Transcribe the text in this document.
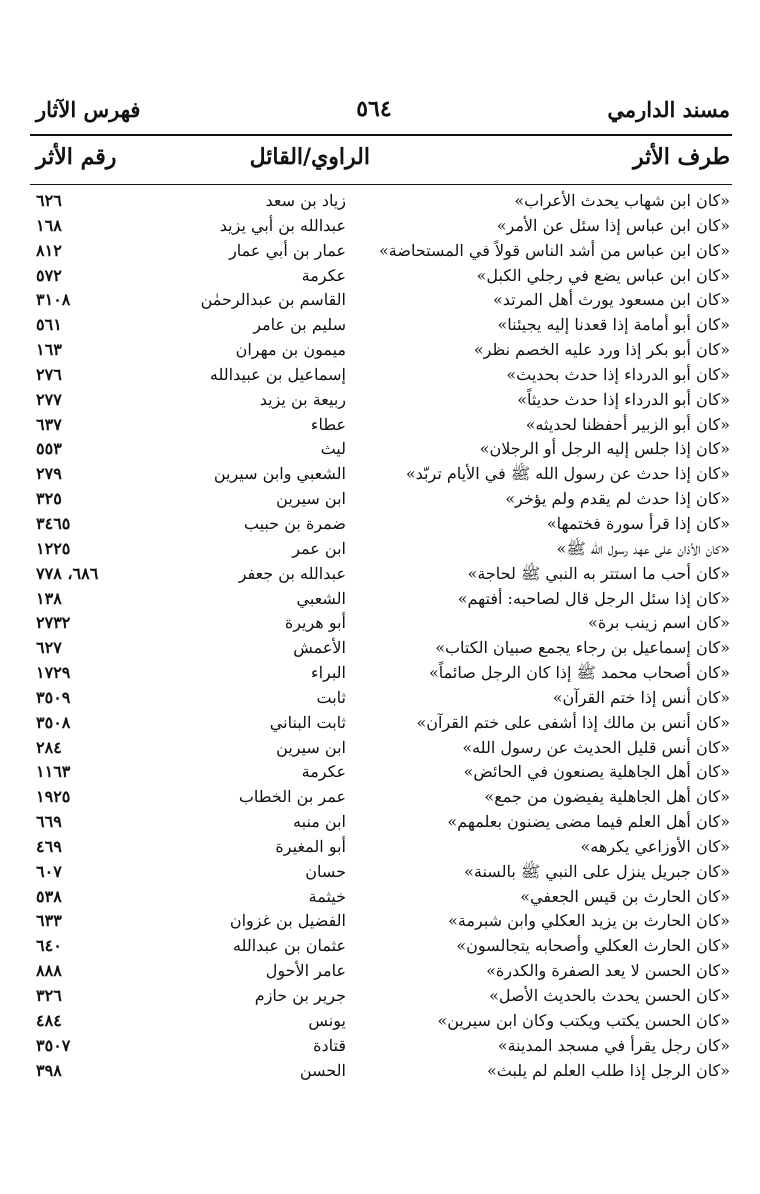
مسند الدارمي
٥٦٤
فهرس الآثار
طرف الأثر
الراوي/القائل
رقم الأثر
«كان ابن شهاب يحدث الأعراب»
زياد بن سعد
٦٢٦
«كان ابن عباس إذا سئل عن الأمر»
عبدالله بن أبي يزيد
١٦٨
«كان ابن عباس من أشد الناس قولاً في المستحاضة»
عمار بن أبي عمار
٨١٢
«كان ابن عباس يضع في رجلي الكبل»
عكرمة
٥٧٢
«كان ابن مسعود يورث أهل المرتد»
القاسم بن عبدالرحمٰن
٣١٠٨
«كان أبو أمامة إذا قعدنا إليه يجيئنا»
سليم بن عامر
٥٦١
«كان أبو بكر إذا ورد عليه الخصم نظر»
ميمون بن مهران
١٦٣
«كان أبو الدرداء إذا حدث بحديث»
إسماعيل بن عبيدالله
٢٧٦
«كان أبو الدرداء إذا حدث حديثاً»
ربيعة بن يزيد
٢٧٧
«كان أبو الزبير أحفظنا لحديثه»
عطاء
٦٣٧
«كان إذا جلس إليه الرجل أو الرجلان»
ليث
٥٥٣
«كان إذا حدث عن رسول الله ﷺ في الأيام تربّد»
الشعبي وابن سيرين
٢٧٩
«كان إذا حدث لم يقدم ولم يؤخر»
ابن سيرين
٣٢٥
«كان إذا قرأ سورة فختمها»
ضمرة بن حبيب
٣٤٦٥
«كان الأذان على عهد رسول الله ﷺ»
ابن عمر
١٢٢٥
«كان أحب ما استتر به النبي ﷺ لحاجة»
عبدالله بن جعفر
٦٨٦، ٧٧٨
«كان إذا سئل الرجل قال لصاحبه: أفتهم»
الشعبي
١٣٨
«كان اسم زينب برة»
أبو هريرة
٢٧٣٢
«كان إسماعيل بن رجاء يجمع صبيان الكتاب»
الأعمش
٦٢٧
«كان أصحاب محمد ﷺ إذا كان الرجل صائماً»
البراء
١٧٢٩
«كان أنس إذا ختم القرآن»
ثابت
٣٥٠٩
«كان أنس بن مالك إذا أشفى على ختم القرآن»
ثابت البناني
٣٥٠٨
«كان أنس قليل الحديث عن رسول الله»
ابن سيرين
٢٨٤
«كان أهل الجاهلية يصنعون في الحائض»
عكرمة
١١٦٣
«كان أهل الجاهلية يفيضون من جمع»
عمر بن الخطاب
١٩٢٥
«كان أهل العلم فيما مضى يضنون بعلمهم»
ابن منبه
٦٦٩
«كان الأوزاعي يكرهه»
أبو المغيرة
٤٦٩
«كان جبريل ينزل على النبي ﷺ بالسنة»
حسان
٦٠٧
«كان الحارث بن قيس الجعفي»
خيثمة
٥٣٨
«كان الحارث بن يزيد العكلي وابن شبرمة»
الفضيل بن غزوان
٦٣٣
«كان الحارث العكلي وأصحابه يتجالسون»
عثمان بن عبدالله
٦٤٠
«كان الحسن لا يعد الصفرة والكدرة»
عامر الأحول
٨٨٨
«كان الحسن يحدث بالحديث الأصل»
جرير بن حازم
٣٢٦
«كان الحسن يكتب ويكتب وكان ابن سيرين»
يونس
٤٨٤
«كان رجل يقرأ في مسجد المدينة»
قتادة
٣٥٠٧
«كان الرجل إذا طلب العلم لم يلبث»
الحسن
٣٩٨
